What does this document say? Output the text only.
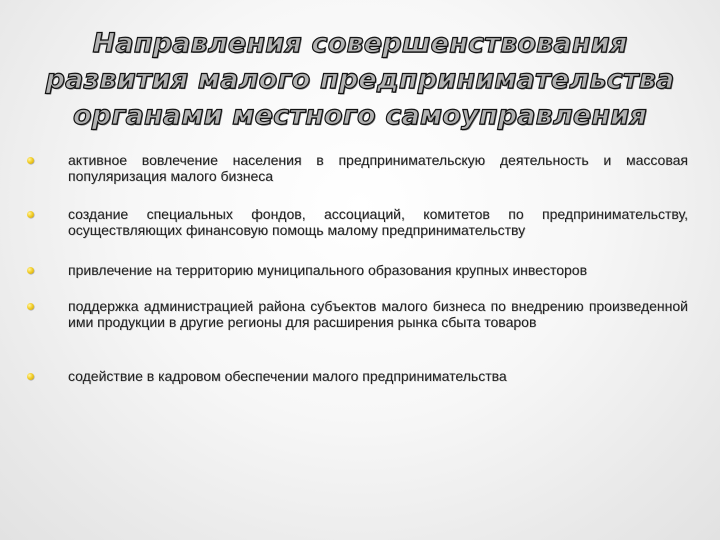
Направления совершенствования
развития малого предпринимательства
органами местного самоуправления
активное вовлечение населения в предпринимательскую деятельность и массовая популяризация малого бизнеса
создание специальных фондов, ассоциаций, комитетов по предпринимательству, осуществляющих финансовую помощь малому предпринимательству
привлечение на территорию муниципального образования крупных инвесторов
поддержка администрацией района субъектов малого бизнеса по внедрению произведенной ими продукции в другие регионы для расширения рынка сбыта товаров
содействие в кадровом обеспечении малого предпринимательства
